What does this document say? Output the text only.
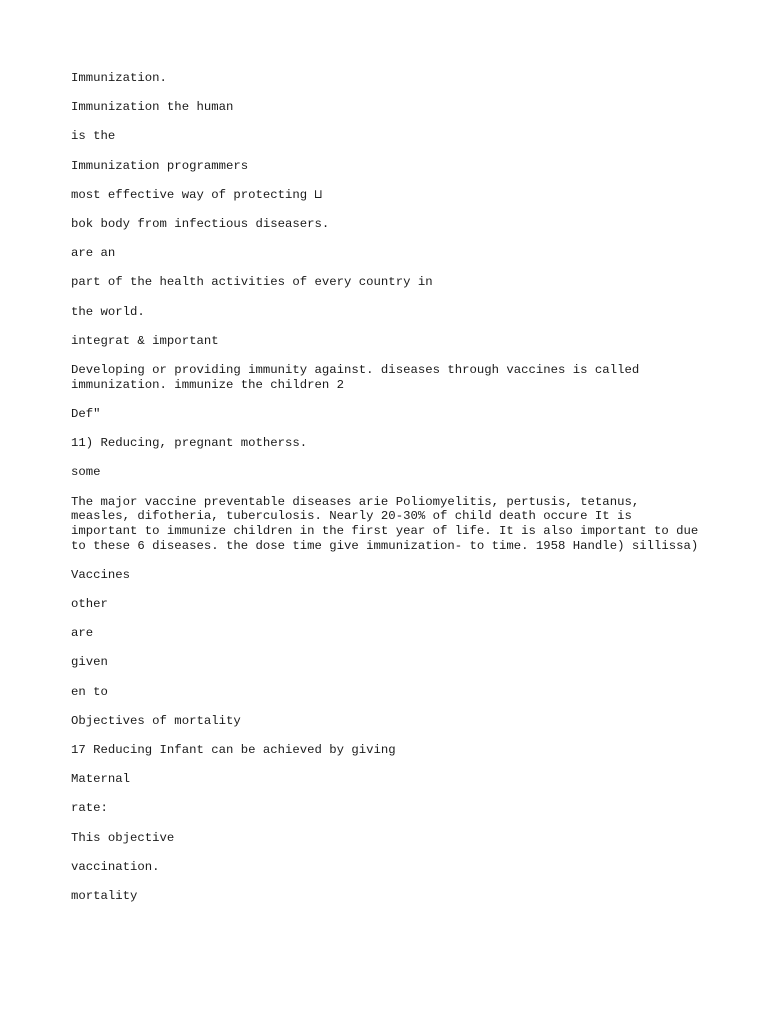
Immunization.

Immunization the human

is the

Immunization programmers

most effective way of protecting ⊔

bok body from infectious diseasers.

are an

part of the health activities of every country in

the world.

integrat & important

Developing or providing immunity against. diseases through vaccines is called immunization. immunize the children 2

Def"

11) Reducing, pregnant motherss.

some

The major vaccine preventable diseases arie Poliomyelitis, pertusis, tetanus, measles, difotheria, tuberculosis. Nearly 20-30% of child death occure It is important to immunize children in the first year of life. It is also important to due to these 6 diseases. the dose time give immunization- to time. 1958 Handle) sillissa)

Vaccines

other

are

given

en to

Objectives of mortality

17 Reducing Infant can be achieved by giving

Maternal

rate:

This objective

vaccination.

mortality
